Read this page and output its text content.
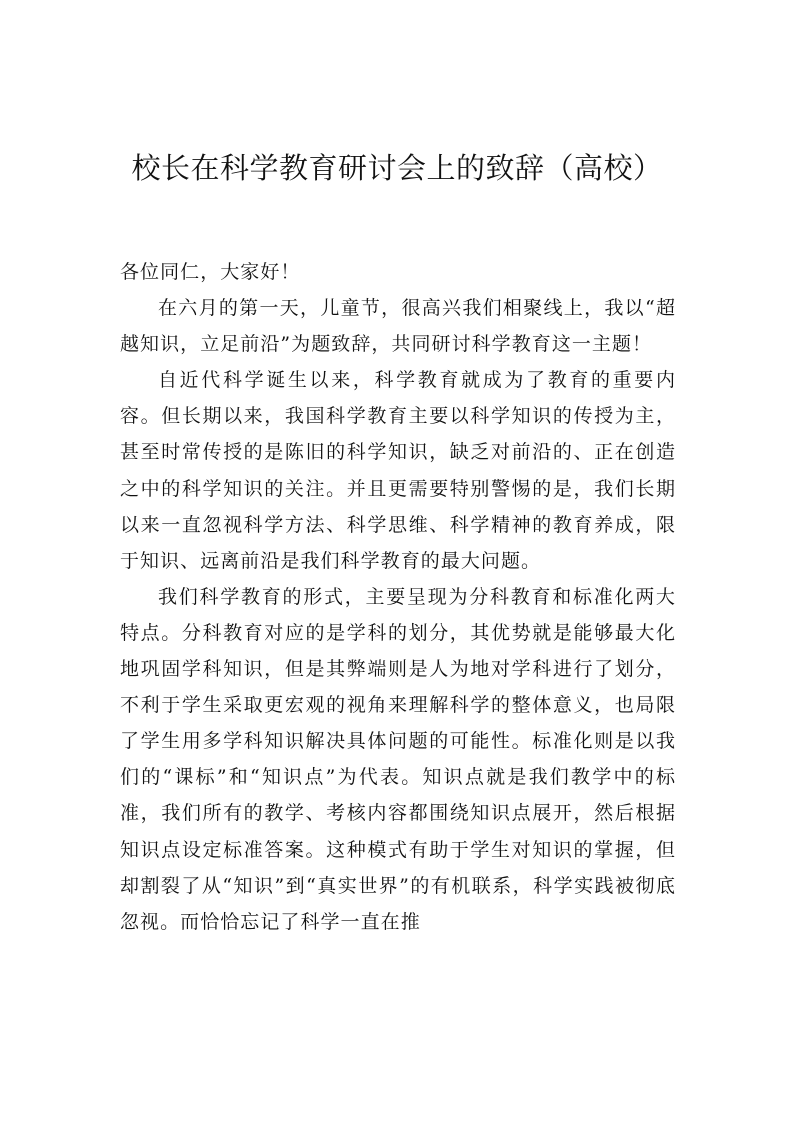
校长在科学教育研讨会上的致辞（高校）

各位同仁，大家好！

在六月的第一天，儿童节，很高兴我们相聚线上，我以“超越知识，立足前沿”为题致辞，共同研讨科学教育这一主题！

自近代科学诞生以来，科学教育就成为了教育的重要内容。但长期以来，我国科学教育主要以科学知识的传授为主，甚至时常传授的是陈旧的科学知识，缺乏对前沿的、正在创造之中的科学知识的关注。并且更需要特别警惕的是，我们长期以来一直忽视科学方法、科学思维、科学精神的教育养成，限于知识、远离前沿是我们科学教育的最大问题。

我们科学教育的形式，主要呈现为分科教育和标准化两大特点。分科教育对应的是学科的划分，其优势就是能够最大化地巩固学科知识，但是其弊端则是人为地对学科进行了划分，不利于学生采取更宏观的视角来理解科学的整体意义，也局限了学生用多学科知识解决具体问题的可能性。标准化则是以我们的“课标”和“知识点”为代表。知识点就是我们教学中的标准，我们所有的教学、考核内容都围绕知识点展开，然后根据知识点设定标准答案。这种模式有助于学生对知识的掌握，但却割裂了从“知识”到“真实世界”的有机联系，科学实践被彻底忽视。而恰恰忘记了科学一直在推
